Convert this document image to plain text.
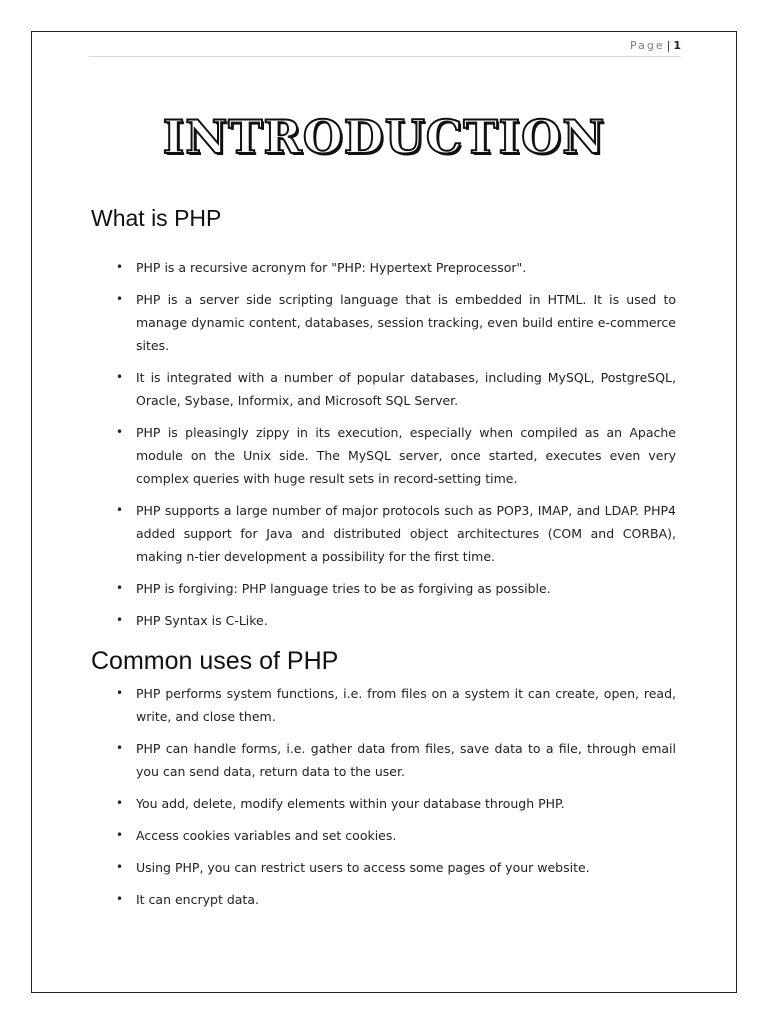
Page |1
INTRODUCTION
What is PHP
• PHP is a recursive acronym for "PHP: Hypertext Preprocessor".
• PHP is a server side scripting language that is embedded in HTML. It is used to manage dynamic content, databases, session tracking, even build entire e-commerce sites.
• It is integrated with a number of popular databases, including MySQL, PostgreSQL, Oracle, Sybase, Informix, and Microsoft SQL Server.
• PHP is pleasingly zippy in its execution, especially when compiled as an Apache module on the Unix side. The MySQL server, once started, executes even very complex queries with huge result sets in record-setting time.
• PHP supports a large number of major protocols such as POP3, IMAP, and LDAP. PHP4 added support for Java and distributed object architectures (COM and CORBA), making n-tier development a possibility for the first time.
• PHP is forgiving: PHP language tries to be as forgiving as possible.
• PHP Syntax is C-Like.
Common uses of PHP
• PHP performs system functions, i.e. from files on a system it can create, open, read, write, and close them.
• PHP can handle forms, i.e. gather data from files, save data to a file, through email you can send data, return data to the user.
• You add, delete, modify elements within your database through PHP.
• Access cookies variables and set cookies.
• Using PHP, you can restrict users to access some pages of your website.
• It can encrypt data.
